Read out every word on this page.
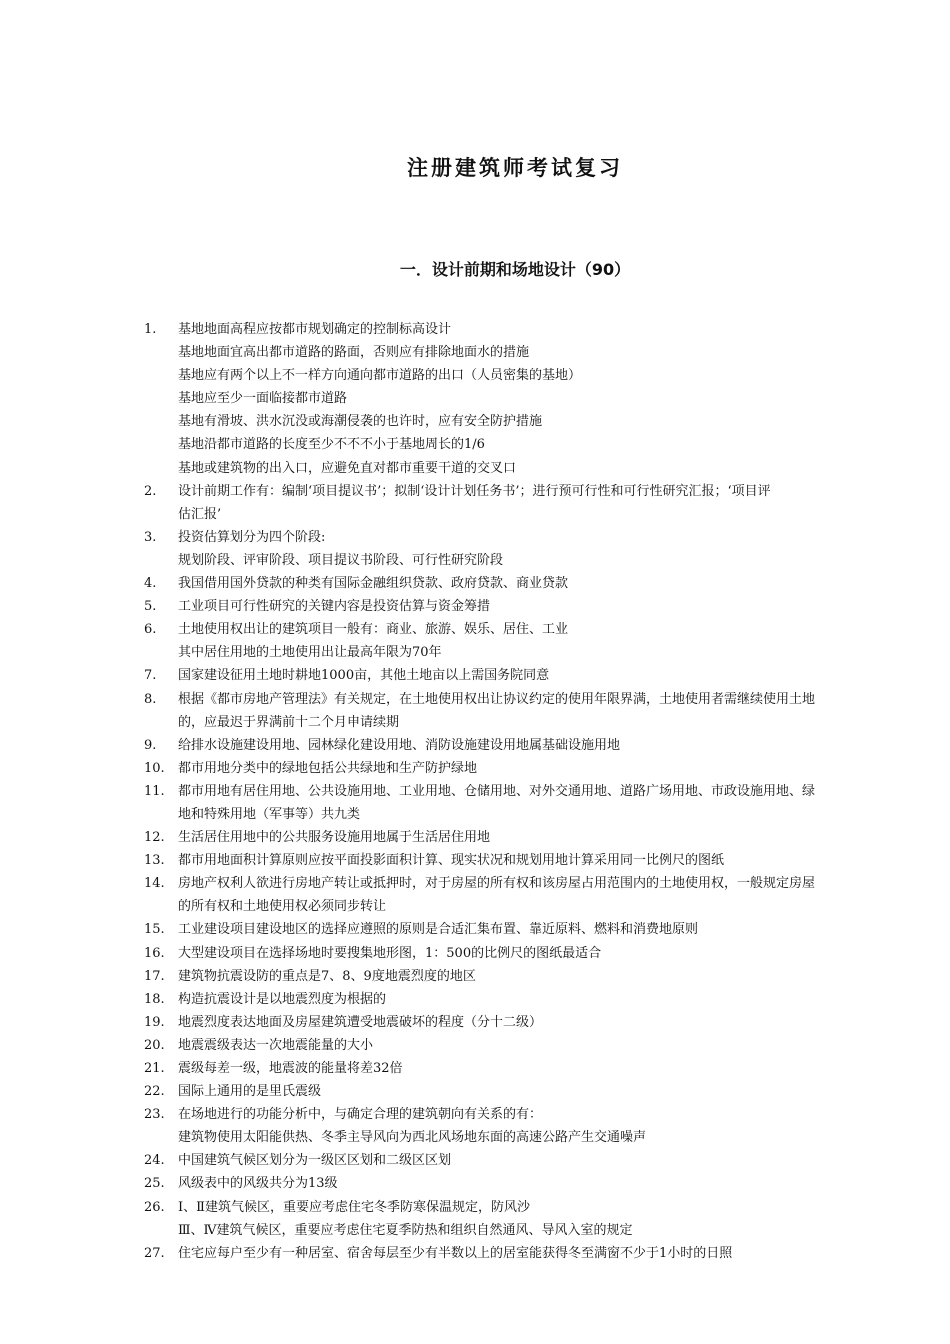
注册建筑师考试复习
一．设计前期和场地设计（90）
1.	基地地面高程应按都市规划确定的控制标高设计
基地地面宜高出都市道路的路面，否则应有排除地面水的措施
基地应有两个以上不一样方向通向都市道路的出口（人员密集的基地）
基地应至少一面临接都市道路
基地有滑坡、洪水沉没或海潮侵袭的也许时，应有安全防护措施
基地沿都市道路的长度至少不不不小于基地周长的1/6
基地或建筑物的出入口，应避免直对都市重要干道的交叉口
2.	设计前期工作有：编制‘项目提议书’；拟制‘设计计划任务书’；进行预可行性和可行性研究汇报；‘项目评
估汇报’
3.	投资估算划分为四个阶段:
规划阶段、评审阶段、项目提议书阶段、可行性研究阶段
4.	我国借用国外贷款的种类有国际金融组织贷款、政府贷款、商业贷款
5.	工业项目可行性研究的关键内容是投资估算与资金筹措
6.	土地使用权出让的建筑项目一般有：商业、旅游、娱乐、居住、工业
其中居住用地的土地使用出让最高年限为70年
7.	国家建设征用土地时耕地1000亩，其他土地亩以上需国务院同意
8.	根据《都市房地产管理法》有关规定，在土地使用权出让协议约定的使用年限界满，土地使用者需继续使用土地
的，应最迟于界满前十二个月申请续期
9.	给排水设施建设用地、园林绿化建设用地、消防设施建设用地属基础设施用地
10.	都市用地分类中的绿地包括公共绿地和生产防护绿地
11.	都市用地有居住用地、公共设施用地、工业用地、仓储用地、对外交通用地、道路广场用地、市政设施用地、绿
地和特殊用地（军事等）共九类
12.	生活居住用地中的公共服务设施用地属于生活居住用地
13.	都市用地面积计算原则应按平面投影面积计算、现实状况和规划用地计算采用同一比例尺的图纸
14.	房地产权利人欲进行房地产转让或抵押时，对于房屋的所有权和该房屋占用范围内的土地使用权，一般规定房屋
的所有权和土地使用权必须同步转让
15.	工业建设项目建设地区的选择应遵照的原则是合适汇集布置、靠近原料、燃料和消费地原则
16.	大型建设项目在选择场地时要搜集地形图，1：500的比例尺的图纸最适合
17.	建筑物抗震设防的重点是7、8、9度地震烈度的地区
18.	构造抗震设计是以地震烈度为根据的
19.	地震烈度表达地面及房屋建筑遭受地震破坏的程度（分十二级）
20.	地震震级表达一次地震能量的大小
21.	震级每差一级，地震波的能量将差32倍
22.	国际上通用的是里氏震级
23.	在场地进行的功能分析中，与确定合理的建筑朝向有关系的有：
建筑物使用太阳能供热、冬季主导风向为西北风场地东面的高速公路产生交通噪声
24.	中国建筑气候区划分为一级区区划和二级区区划
25.	风级表中的风级共分为13级
26.	Ⅰ、Ⅱ建筑气候区，重要应考虑住宅冬季防寒保温规定，防风沙
Ⅲ、Ⅳ建筑气候区，重要应考虑住宅夏季防热和组织自然通风、导风入室的规定
27.	住宅应每户至少有一种居室、宿舍每层至少有半数以上的居室能获得冬至满窗不少于1小时的日照
